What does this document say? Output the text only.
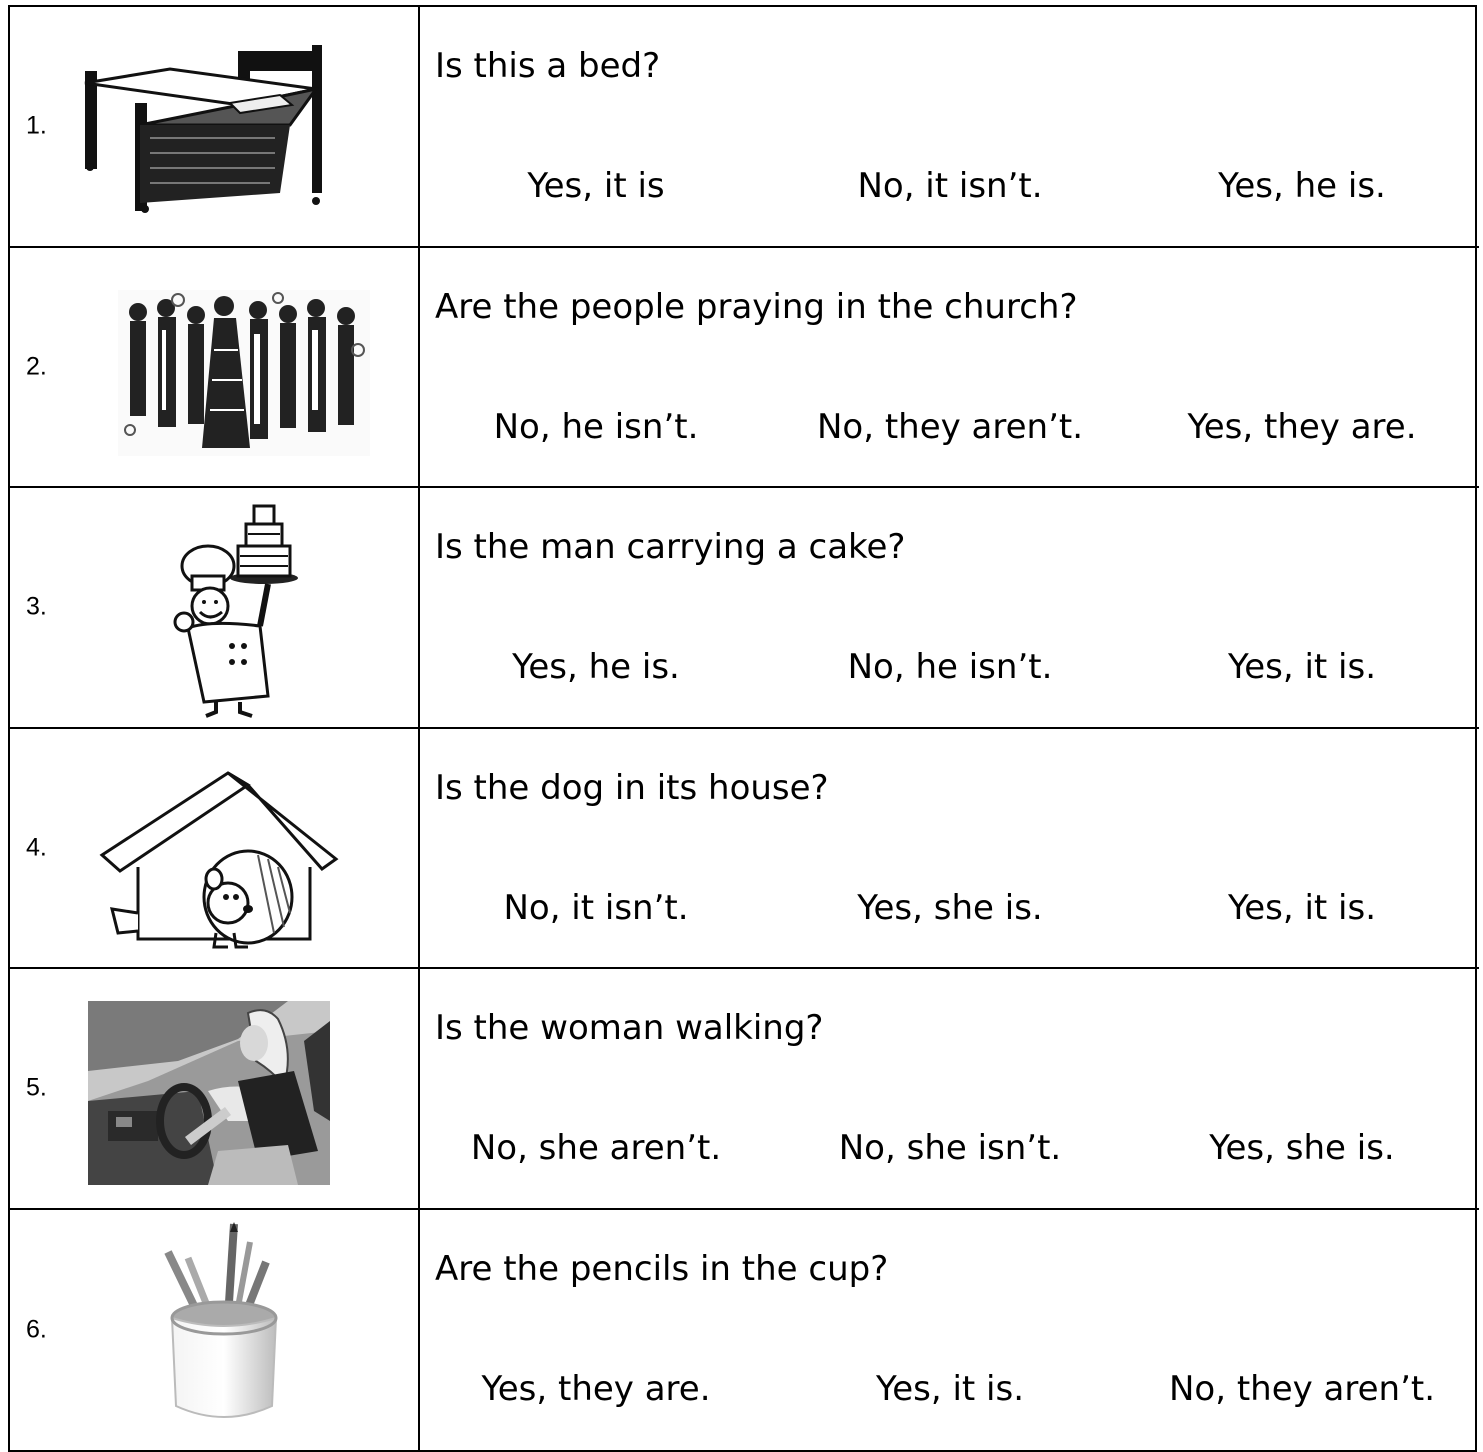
1.
Is this a bed?
Yes, it is	No, it isn’t.	Yes, he is.
2.
Are the people praying in the church?
No, he isn’t.	No, they aren’t.	Yes, they are.
3.
Is the man carrying a cake?
Yes, he is.	No, he isn’t.	Yes, it is.
4.
Is the dog in its house?
No, it isn’t.	Yes, she is.	Yes, it is.
5.
Is the woman walking?
No, she aren’t.	No, she isn’t.	Yes, she is.
6.
Are the pencils in the cup?
Yes, they are.	Yes, it is.	No, they aren’t.
